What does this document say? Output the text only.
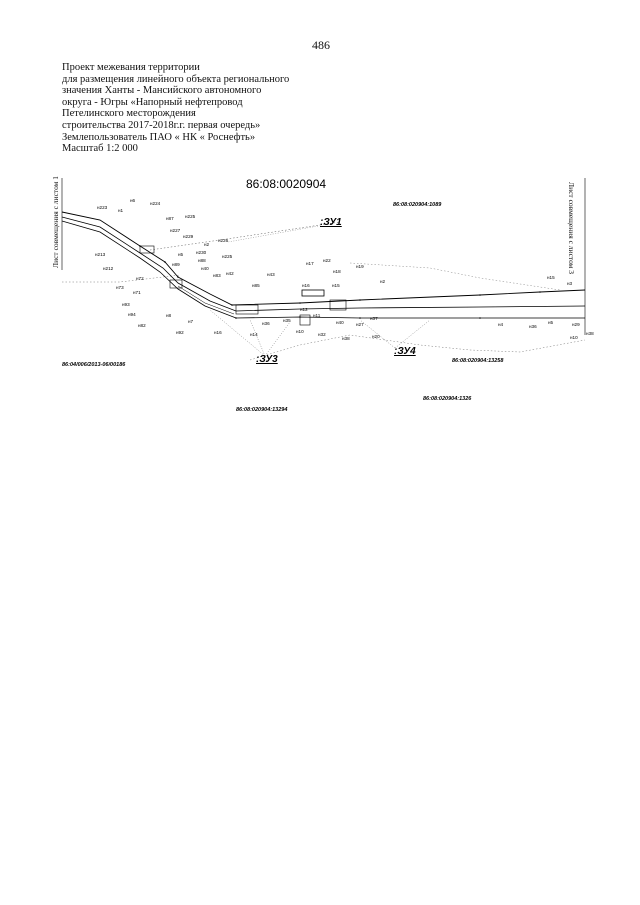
486
Проект межевания территории
для размещения линейного объекта регионального
значения Ханты - Мансийского автономного
округа - Югры «Напорный нефтепровод
Петелинского месторождения
строительства 2017-2018г.г. первая очередь»
Землепользователь ПАО « НК « Роснефть»
Масштаб 1:2 000
Лист совмещения с листом 1	Лист совмещения с листом 3
86:08:0020904
86:08:020904:1089
86:04/006/2013-06/00186
86:08:020904:13258
86:08:020904:1326
86:08:020904:13294
:ЗУ1
:ЗУ3
:ЗУ4
н223
н1
н6
н224
н87 н225
н227
н229
н2
н226
н213	н5	н230
н88
н89
н225
н212
н72
н40
н73
н71
н93
н94
н83
н82
н42
н85
н43
н17
н22
н18
н19
н16	н15
н2
н15
н3
н92
н7
н8
н16	н14
н36
н35
н12
н11
н10
н40	н27
н32
н37
н20
н38
н4	н36
н5	н29
н10
н38
